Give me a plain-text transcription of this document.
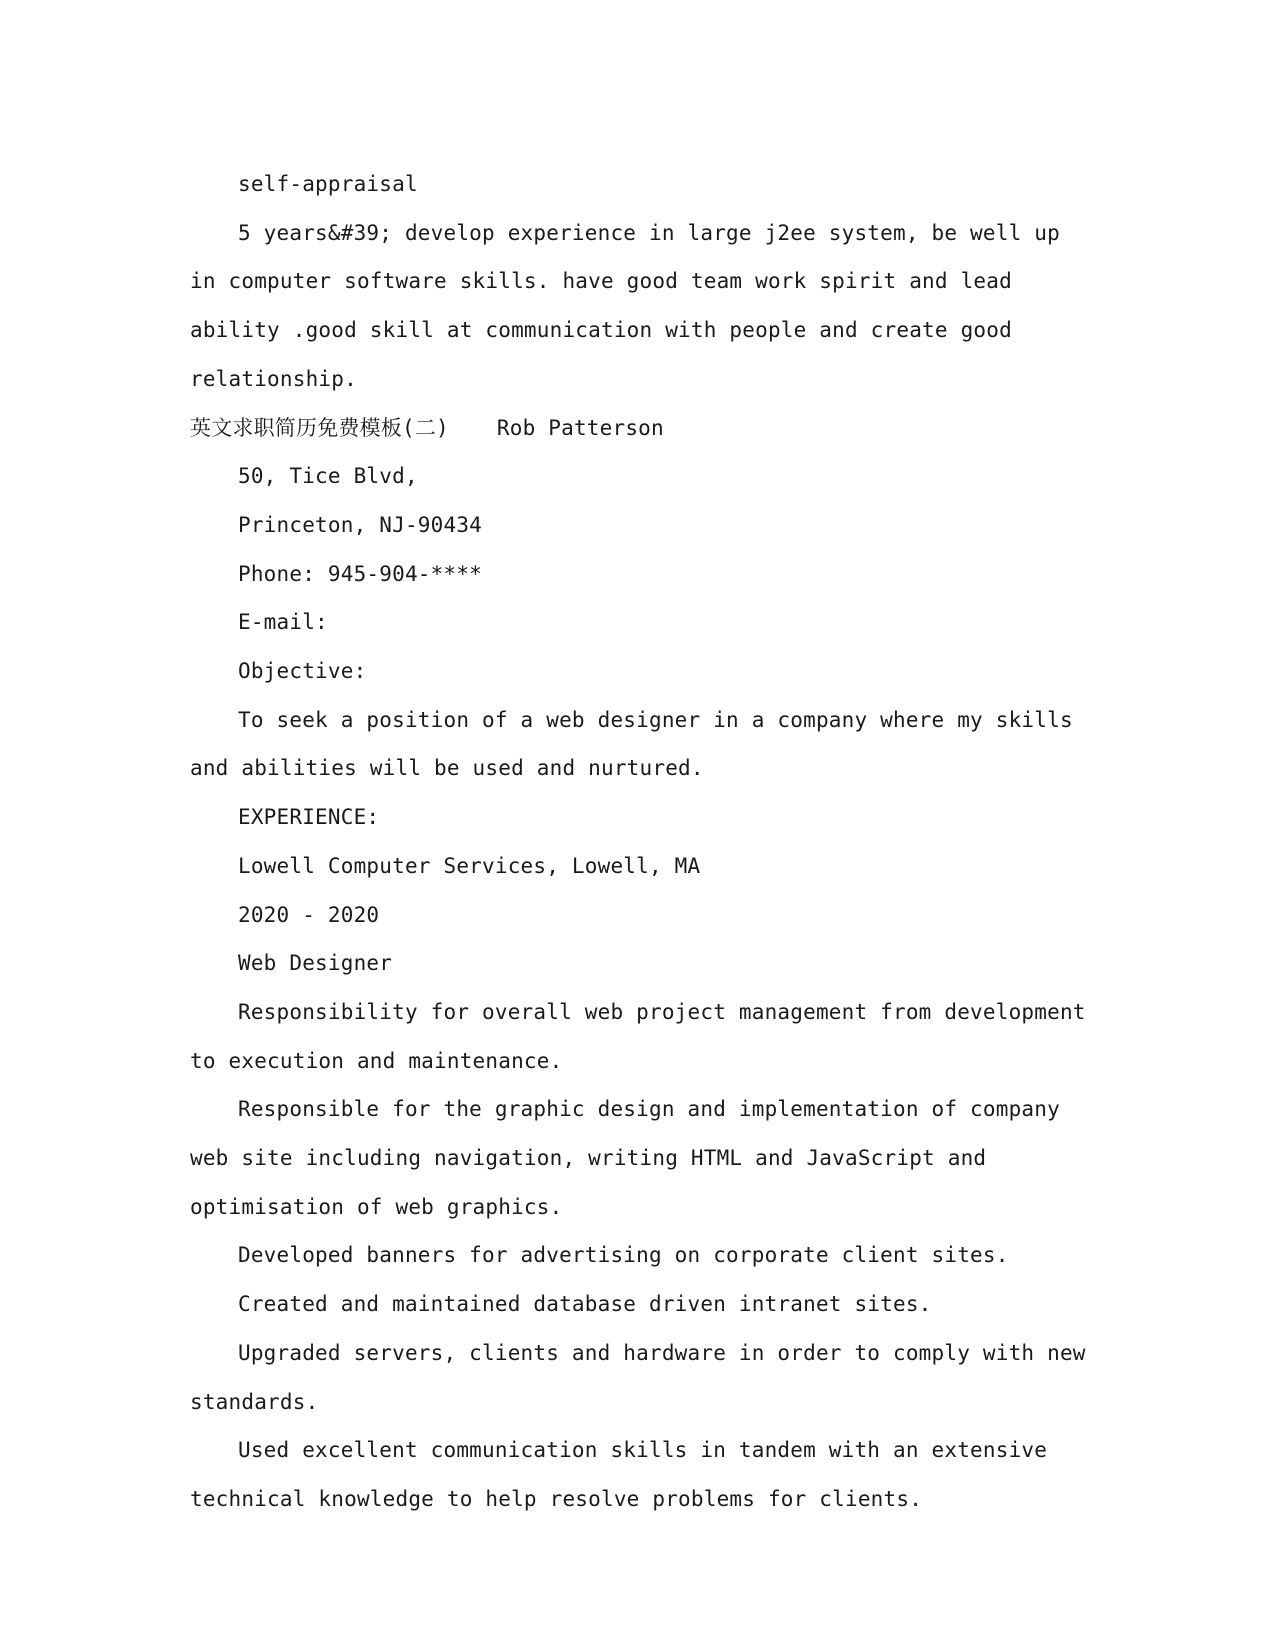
self-appraisal

5 years&#39; develop experience in large j2ee system, be well up in computer software skills. have good team work spirit and lead ability .good skill at communication with people and create good relationship.

英文求职简历免费模板(二) Rob Patterson

50, Tice Blvd,

Princeton, NJ-90434

Phone: 945-904-****

E-mail:

Objective:

To seek a position of a web designer in a company where my skills and abilities will be used and nurtured.

EXPERIENCE:

Lowell Computer Services, Lowell, MA

2020 - 2020

Web Designer

Responsibility for overall web project management from development to execution and maintenance.

Responsible for the graphic design and implementation of company web site including navigation, writing HTML and JavaScript and optimisation of web graphics.

Developed banners for advertising on corporate client sites.

Created and maintained database driven intranet sites.

Upgraded servers, clients and hardware in order to comply with new standards.

Used excellent communication skills in tandem with an extensive technical knowledge to help resolve problems for clients.
